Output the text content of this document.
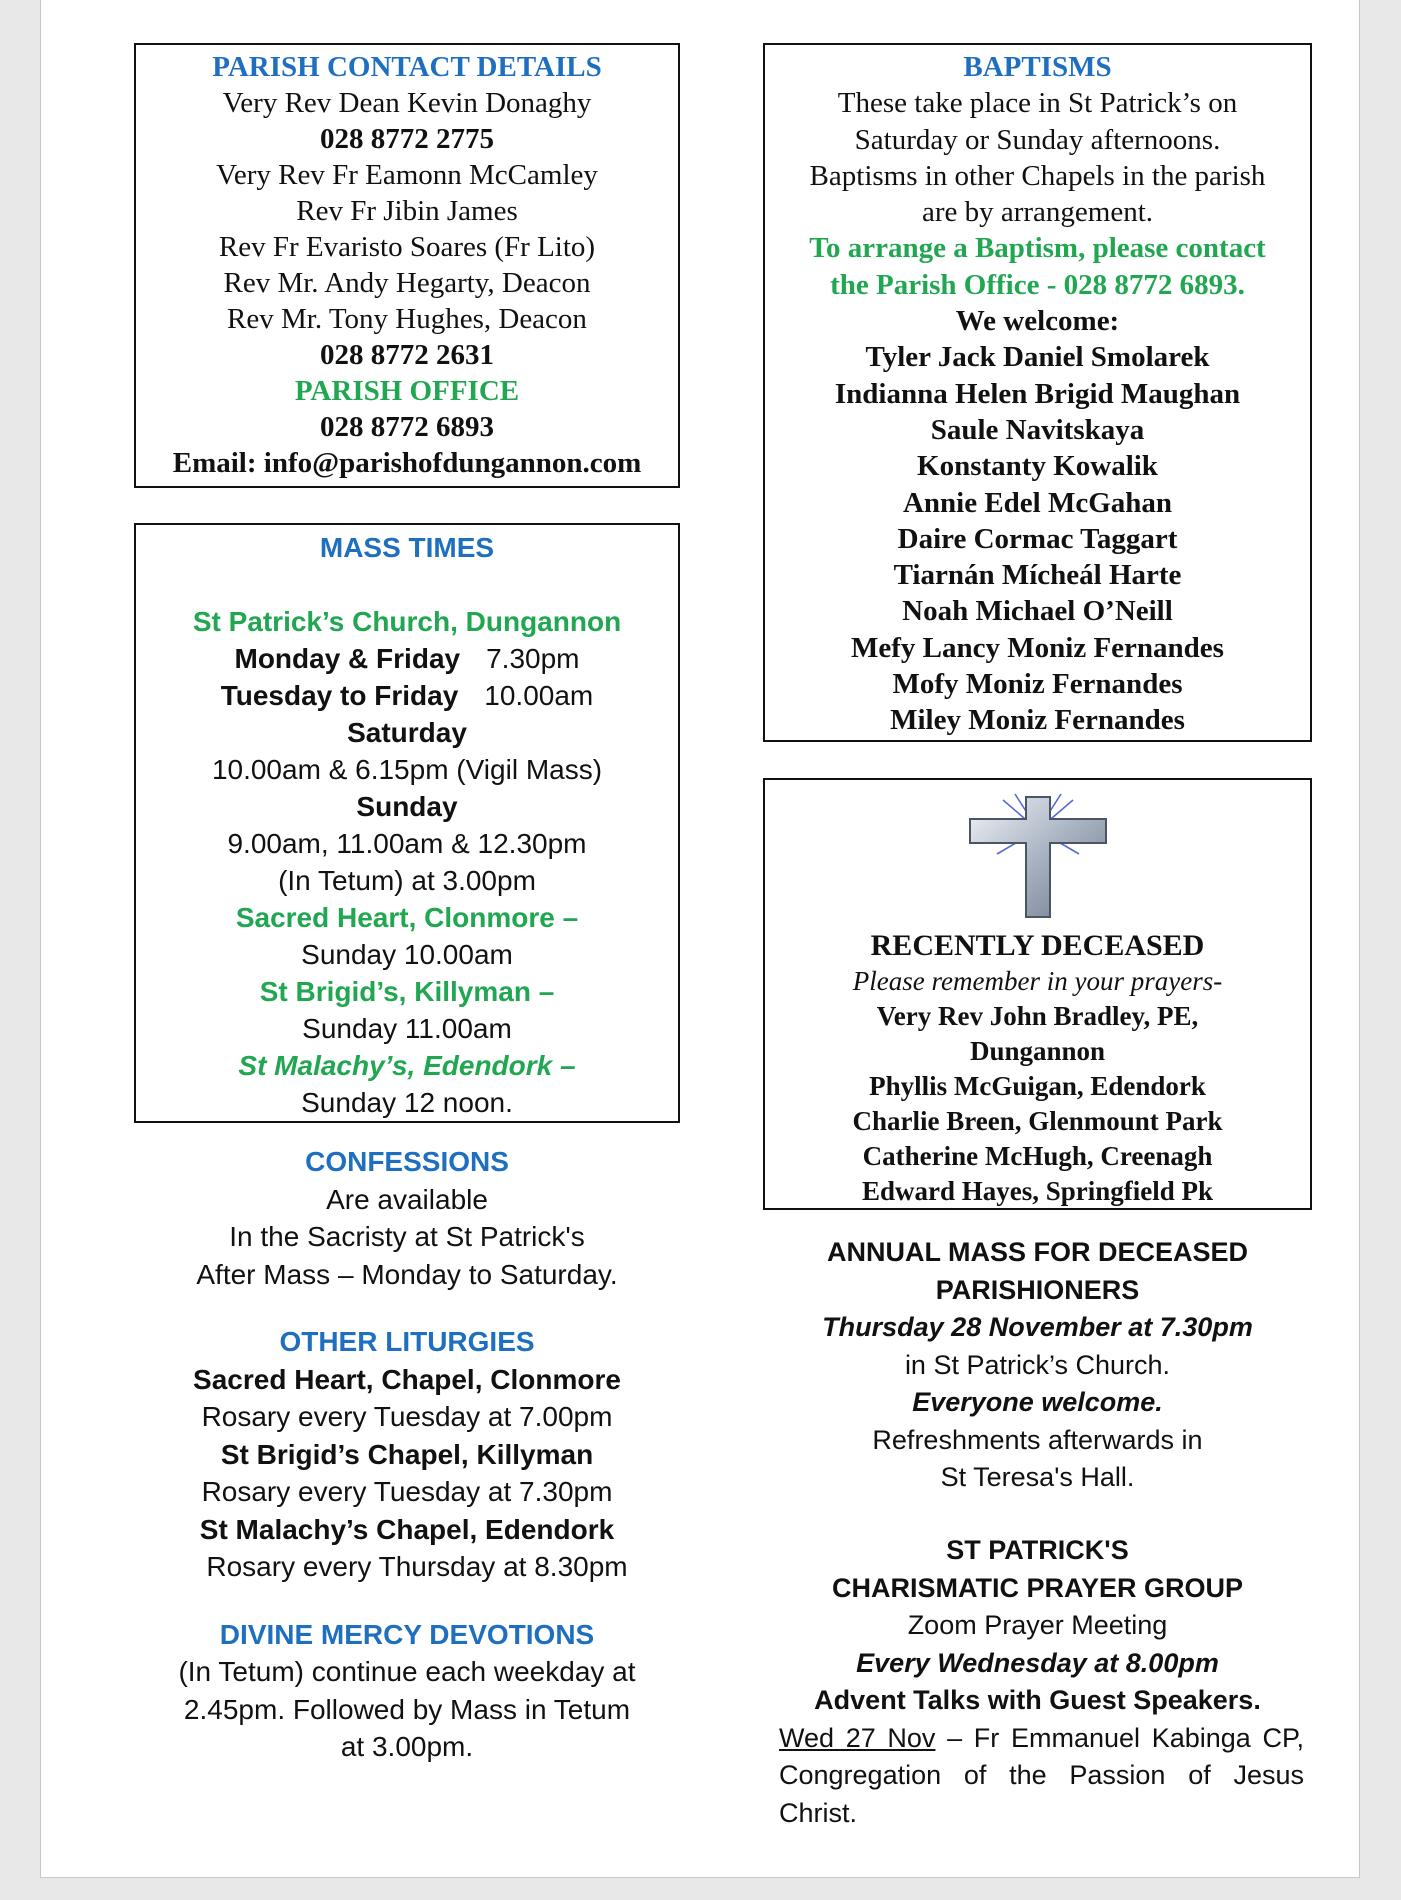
PARISH CONTACT DETAILS
Very Rev Dean Kevin Donaghy
028 8772 2775
Very Rev Fr Eamonn McCamley
Rev Fr Jibin James
Rev Fr Evaristo Soares (Fr Lito)
Rev Mr. Andy Hegarty, Deacon
Rev Mr. Tony Hughes, Deacon
028 8772 2631
PARISH OFFICE
028 8772 6893
Email: info@parishofdungannon.com
MASS TIMES
St Patrick’s Church, Dungannon
Monday & Friday 7.30pm
Tuesday to Friday 10.00am
Saturday
10.00am & 6.15pm (Vigil Mass)
Sunday
9.00am, 11.00am & 12.30pm
(In Tetum) at 3.00pm
Sacred Heart, Clonmore –
Sunday 10.00am
St Brigid’s, Killyman –
Sunday 11.00am
St Malachy’s, Edendork –
Sunday 12 noon.
CONFESSIONS
Are available
In the Sacristy at St Patrick's
After Mass – Monday to Saturday.
OTHER LITURGIES
Sacred Heart, Chapel, Clonmore
Rosary every Tuesday at 7.00pm
St Brigid’s Chapel, Killyman
Rosary every Tuesday at 7.30pm
St Malachy’s Chapel, Edendork
Rosary every Thursday at 8.30pm
DIVINE MERCY DEVOTIONS
(In Tetum) continue each weekday at
2.45pm. Followed by Mass in Tetum
at 3.00pm.
BAPTISMS
These take place in St Patrick’s on
Saturday or Sunday afternoons.
Baptisms in other Chapels in the parish
are by arrangement.
To arrange a Baptism, please contact
the Parish Office - 028 8772 6893.
We welcome:
Tyler Jack Daniel Smolarek
Indianna Helen Brigid Maughan
Saule Navitskaya
Konstanty Kowalik
Annie Edel McGahan
Daire Cormac Taggart
Tiarnán Mícheál Harte
Noah Michael O’Neill
Mefy Lancy Moniz Fernandes
Mofy Moniz Fernandes
Miley Moniz Fernandes
RECENTLY DECEASED
Please remember in your prayers-
Very Rev John Bradley, PE,
Dungannon
Phyllis McGuigan, Edendork
Charlie Breen, Glenmount Park
Catherine McHugh, Creenagh
Edward Hayes, Springfield Pk
ANNUAL MASS FOR DECEASED
PARISHIONERS
Thursday 28 November at 7.30pm
in St Patrick’s Church.
Everyone welcome.
Refreshments afterwards in
St Teresa's Hall.
ST PATRICK'S
CHARISMATIC PRAYER GROUP
Zoom Prayer Meeting
Every Wednesday at 8.00pm
Advent Talks with Guest Speakers.
Wed 27 Nov – Fr Emmanuel Kabinga CP, Congregation of the Passion of Jesus Christ.
